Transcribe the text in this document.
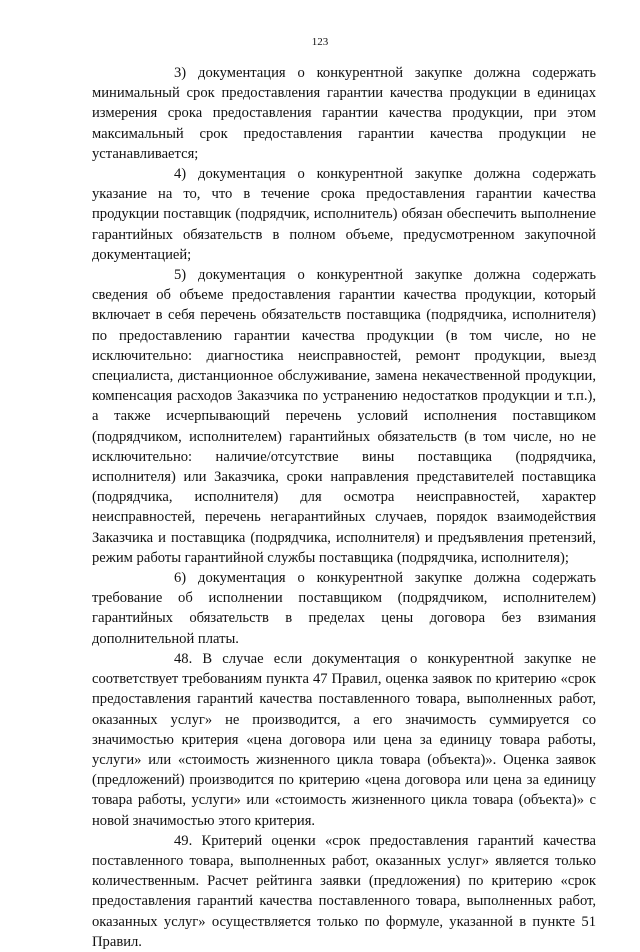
123

3) документация о конкурентной закупке должна содержать минимальный срок предоставления гарантии качества продукции в единицах измерения срока предоставления гарантии качества продукции, при этом максимальный срок предоставления гарантии качества продукции не устанавливается;

4) документация о конкурентной закупке должна содержать указание на то, что в течение срока предоставления гарантии качества продукции поставщик (подрядчик, исполнитель) обязан обеспечить выполнение гарантийных обязательств в полном объеме, предусмотренном закупочной документацией;

5) документация о конкурентной закупке должна содержать сведения об объеме предоставления гарантии качества продукции, который включает в себя перечень обязательств поставщика (подрядчика, исполнителя) по предоставлению гарантии качества продукции (в том числе, но не исключительно: диагностика неисправностей, ремонт продукции, выезд специалиста, дистанционное обслуживание, замена некачественной продукции, компенсация расходов Заказчика по устранению недостатков продукции и т.п.), а также исчерпывающий перечень условий исполнения поставщиком (подрядчиком, исполнителем) гарантийных обязательств (в том числе, но не исключительно: наличие/отсутствие вины поставщика (подрядчика, исполнителя) или Заказчика, сроки направления представителей поставщика (подрядчика, исполнителя) для осмотра неисправностей, характер неисправностей, перечень негарантийных случаев, порядок взаимодействия Заказчика и поставщика (подрядчика, исполнителя) и предъявления претензий, режим работы гарантийной службы поставщика (подрядчика, исполнителя);

6) документация о конкурентной закупке должна содержать требование об исполнении поставщиком (подрядчиком, исполнителем) гарантийных обязательств в пределах цены договора без взимания дополнительной платы.

48. В случае если документация о конкурентной закупке не соответствует требованиям пункта 47 Правил, оценка заявок по критерию «срок предоставления гарантий качества поставленного товара, выполненных работ, оказанных услуг» не производится, а его значимость суммируется со значимостью критерия «цена договора или цена за единицу товара работы, услуги» или «стоимость жизненного цикла товара (объекта)». Оценка заявок (предложений) производится по критерию «цена договора или цена за единицу товара работы, услуги» или «стоимость жизненного цикла товара (объекта)» с новой значимостью этого критерия.

49. Критерий оценки «срок предоставления гарантий качества поставленного товара, выполненных работ, оказанных услуг» является только количественным. Расчет рейтинга заявки (предложения) по критерию «срок предоставления гарантий качества поставленного товара, выполненных работ, оказанных услуг» осуществляется только по формуле, указанной в пункте 51 Правил.
